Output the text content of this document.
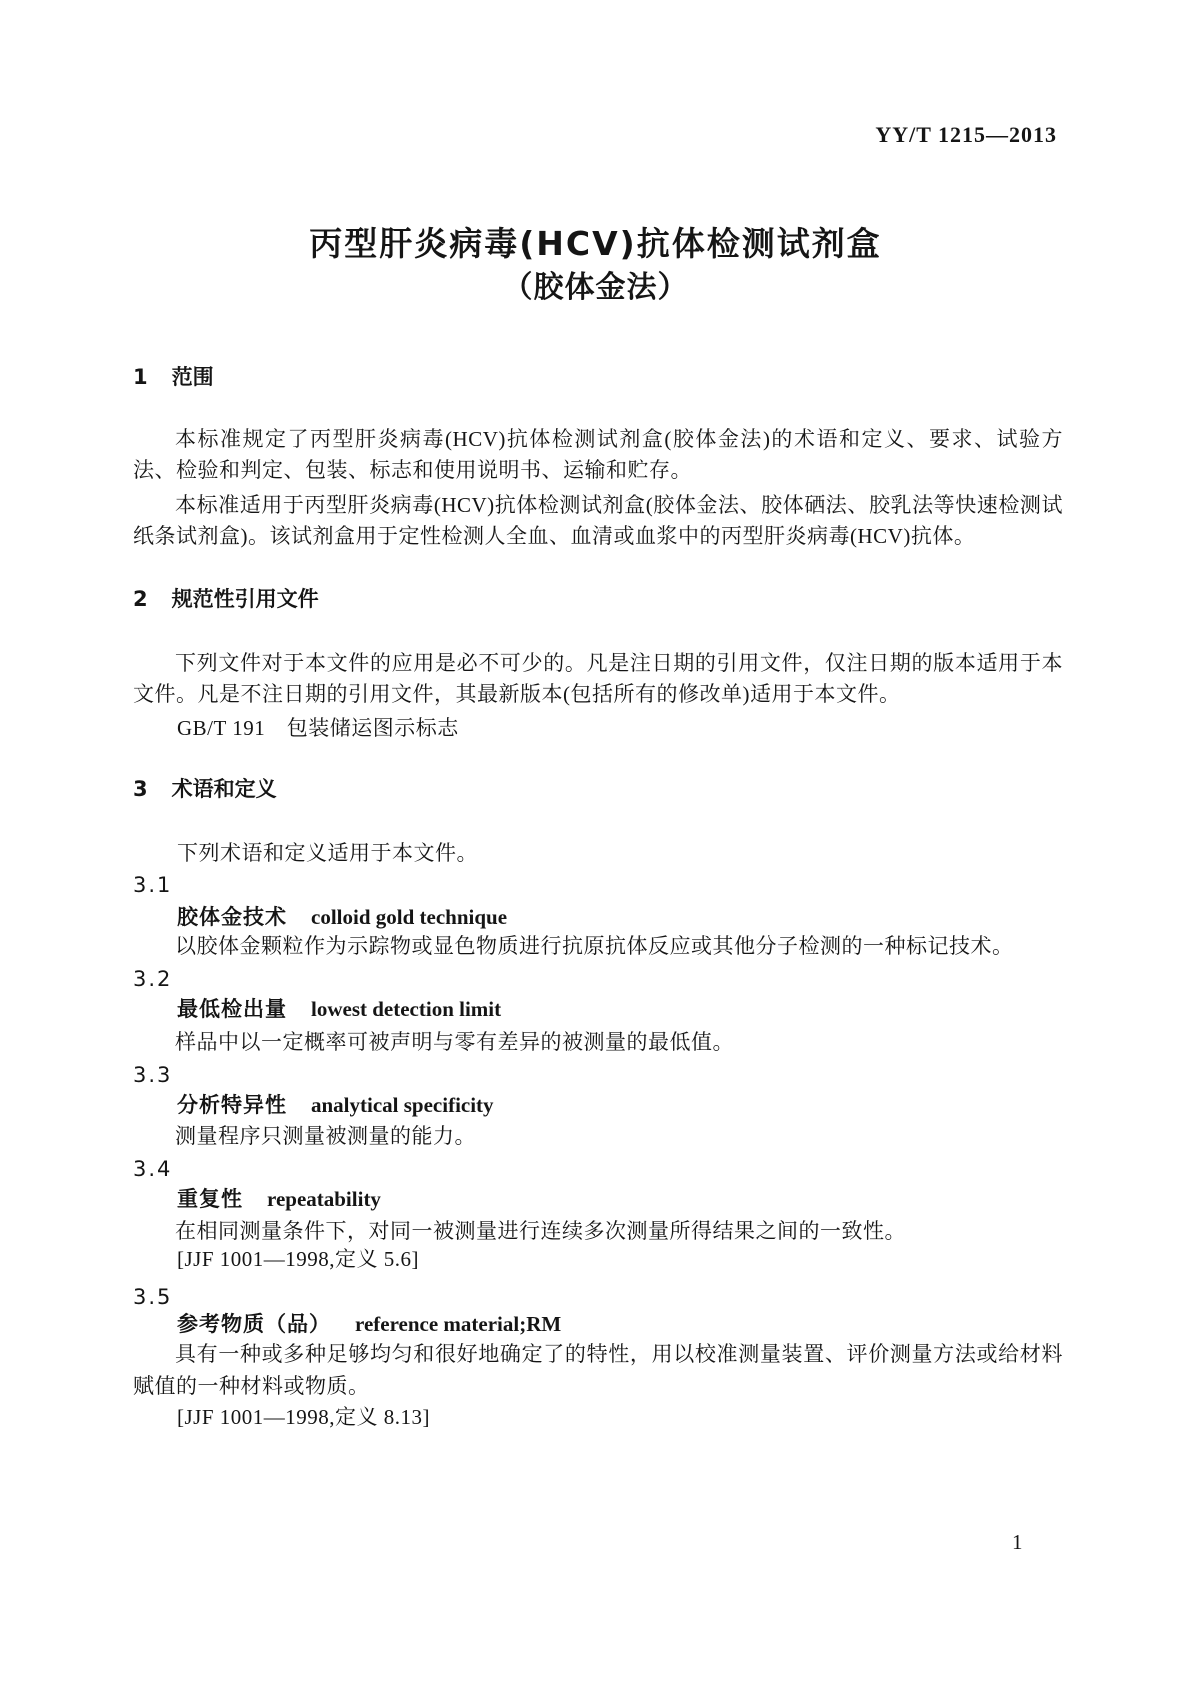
YY/T 1215—2013
丙型肝炎病毒(HCV)抗体检测试剂盒
（胶体金法）
1 范围
本标准规定了丙型肝炎病毒(HCV)抗体检测试剂盒(胶体金法)的术语和定义、要求、试验方法、检验和判定、包装、标志和使用说明书、运输和贮存。
本标准适用于丙型肝炎病毒(HCV)抗体检测试剂盒(胶体金法、胶体硒法、胶乳法等快速检测试纸条试剂盒)。该试剂盒用于定性检测人全血、血清或血浆中的丙型肝炎病毒(HCV)抗体。
2 规范性引用文件
下列文件对于本文件的应用是必不可少的。凡是注日期的引用文件，仅注日期的版本适用于本文件。凡是不注日期的引用文件，其最新版本(包括所有的修改单)适用于本文件。
GB/T 191　包装储运图示标志
3 术语和定义
下列术语和定义适用于本文件。
3.1
胶体金技术 colloid gold technique
以胶体金颗粒作为示踪物或显色物质进行抗原抗体反应或其他分子检测的一种标记技术。
3.2
最低检出量 lowest detection limit
样品中以一定概率可被声明与零有差异的被测量的最低值。
3.3
分析特异性 analytical specificity
测量程序只测量被测量的能力。
3.4
重复性 repeatability
在相同测量条件下，对同一被测量进行连续多次测量所得结果之间的一致性。
[JJF 1001—1998,定义 5.6]
3.5
参考物质（品） reference material;RM
具有一种或多种足够均匀和很好地确定了的特性，用以校准测量装置、评价测量方法或给材料赋值的一种材料或物质。
[JJF 1001—1998,定义 8.13]
1
